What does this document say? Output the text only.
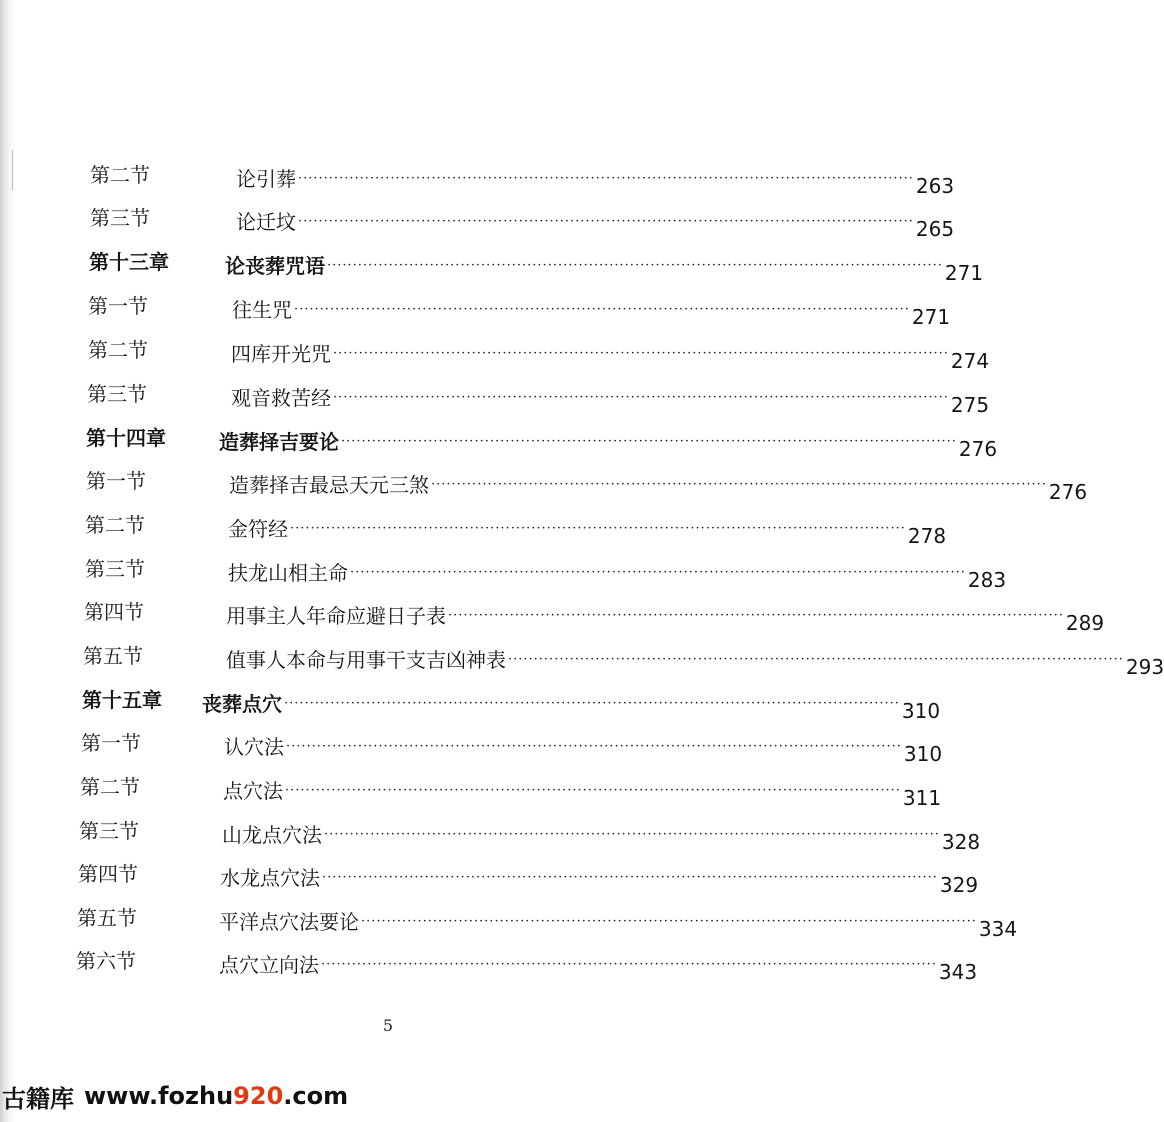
第二节	论引葬 ························································································································ 263
第三节	论迁坟 ························································································································ 265
第十三章	论丧葬咒语 ························································································································ 271
第一节	往生咒 ························································································································ 271
第二节	四库开光咒 ························································································································ 274
第三节	观音救苦经 ························································································································ 275
第十四章	造葬择吉要论 ························································································································ 276
第一节	造葬择吉最忌天元三煞 ························································································································ 276
第二节	金符经 ························································································································ 278
第三节	扶龙山相主命 ························································································································ 283
第四节	用事主人年命应避日子表 ························································································································ 289
第五节	值事人本命与用事干支吉凶神表 ························································································································ 293
第十五章 丧葬点穴 ························································································································ 310
第一节	认穴法 ························································································································ 310
第二节	点穴法 ························································································································ 311
第三节	山龙点穴法 ························································································································ 328
第四节	水龙点穴法 ························································································································ 329
第五节	平洋点穴法要论 ························································································································ 334
第六节	点穴立向法 ························································································································ 343
5
古籍库 www.fozhu920.com
